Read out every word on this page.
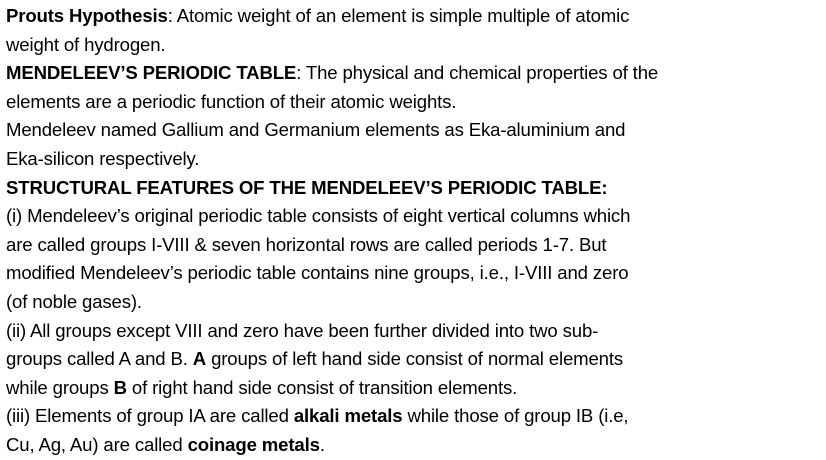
Prouts Hypothesis: Atomic weight of an element is simple multiple of atomic
weight of hydrogen.
MENDELEEV’S PERIODIC TABLE: The physical and chemical properties of the
elements are a periodic function of their atomic weights.
Mendeleev named Gallium and Germanium elements as Eka-aluminium and
Eka-silicon respectively.
STRUCTURAL FEATURES OF THE MENDELEEV’S PERIODIC TABLE:
(i) Mendeleev’s original periodic table consists of eight vertical columns which
are called groups I-VIII & seven horizontal rows are called periods 1-7. But
modified Mendeleev’s periodic table contains nine groups, i.e., I-VIII and zero
(of noble gases).
(ii) All groups except VIII and zero have been further divided into two sub-
groups called A and B. A groups of left hand side consist of normal elements
while groups B of right hand side consist of transition elements.
(iii) Elements of group IA are called alkali metals while those of group IB (i.e,
Cu, Ag, Au) are called coinage metals.
